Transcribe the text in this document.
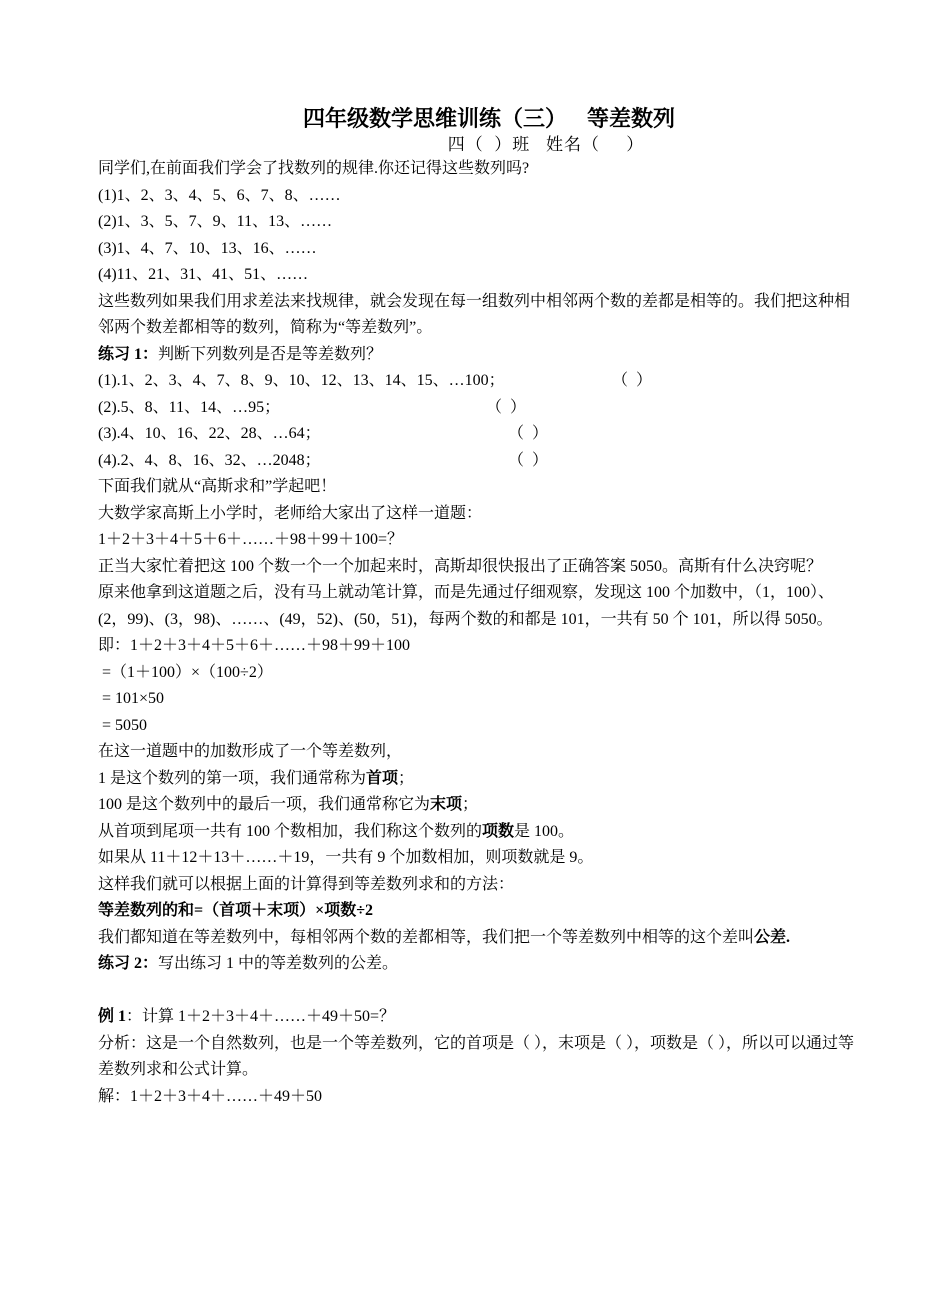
四年级数学思维训练（三） 等差数列
四（  ）班   姓名（     ）
同学们,在前面我们学会了找数列的规律.你还记得这些数列吗?
(1)1、2、3、4、5、6、7、8、……
(2)1、3、5、7、9、11、13、……
(3)1、4、7、10、13、16、……
(4)11、21、31、41、51、……
这些数列如果我们用求差法来找规律，就会发现在每一组数列中相邻两个数的差都是相等的。我们把这种相邻两个数差都相等的数列，简称为“等差数列”。
练习 1：判断下列数列是否是等差数列？
(1).1、2、3、4、7、8、9、10、12、13、14、15、…100；	（  ）
(2).5、8、11、14、…95；	（  ）
(3).4、10、16、22、28、…64；	（  ）
(4).2、4、8、16、32、…2048；	（  ）
下面我们就从“高斯求和”学起吧！
大数学家高斯上小学时，老师给大家出了这样一道题：
1＋2＋3＋4＋5＋6＋……＋98＋99＋100=？
正当大家忙着把这 100 个数一个一个加起来时，高斯却很快报出了正确答案 5050。高斯有什么决窍呢？
原来他拿到这道题之后，没有马上就动笔计算，而是先通过仔细观察，发现这 100 个加数中，（1，100）、(2，99)、(3，98)、……、(49，52)、(50，51)，每两个数的和都是 101，一共有 50 个 101，所以得 5050。
即：1＋2＋3＋4＋5＋6＋……＋98＋99＋100
=（1＋100）×（100÷2）
= 101×50
= 5050
在这一道题中的加数形成了一个等差数列，
1 是这个数列的第一项，我们通常称为首项；
100 是这个数列中的最后一项，我们通常称它为末项；
从首项到尾项一共有 100 个数相加，我们称这个数列的项数是 100。
如果从 11＋12＋13＋……＋19，一共有 9 个加数相加，则项数就是 9。
这样我们就可以根据上面的计算得到等差数列求和的方法：
等差数列的和=（首项＋末项）×项数÷2
我们都知道在等差数列中，每相邻两个数的差都相等，我们把一个等差数列中相等的这个差叫公差.
练习 2：写出练习 1 中的等差数列的公差。
例 1：计算 1＋2＋3＋4＋……＋49＋50=？
分析：这是一个自然数列，也是一个等差数列，它的首项是（ ），末项是（ ），项数是（ ），所以可以通过等差数列求和公式计算。
解：1＋2＋3＋4＋……＋49＋50
